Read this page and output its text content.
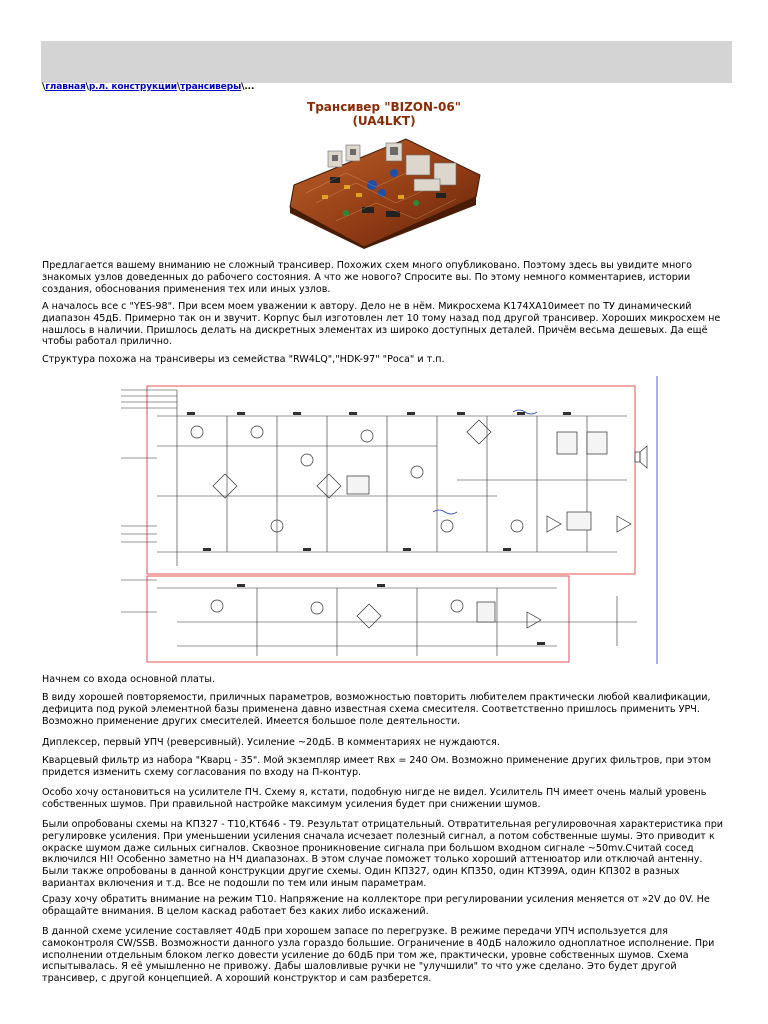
\главная\р.л. конструкции\трансиверы\...
Трансивер "BIZON-06"
(UA4LKT)

Предлагается вашему вниманию не сложный трансивер. Похожих схем много опубликовано. Поэтому здесь вы увидите много знакомых узлов доведенных до рабочего состояния. А что же нового? Спросите вы. По этому немного комментариев, истории создания, обоснования применения тех или иных узлов.

А началось все с "YES-98". При всем моем уважении к автору. Дело не в нём. Микросхема К174ХА10имеет по ТУ динамический диапазон 45дБ. Примерно так он и звучит. Корпус был изготовлен лет 10 тому назад под другой трансивер. Хороших микросхем не нашлось в наличии. Пришлось делать на дискретных элементах из широко доступных деталей. Причём весьма дешевых. Да ещё чтобы работал прилично.

Структура похожа на трансиверы из семейства "RW4LQ","HDK-97" "Роса" и т.п.

Начнем со входа основной платы.

В виду хорошей повторяемости, приличных параметров, возможностью повторить любителем практически любой квалификации, дефицита под рукой элементной базы применена давно известная схема смесителя. Соответственно пришлось применить УРЧ. Возможно применение других смесителей. Имеется большое поле деятельности.

Диплексер, первый УПЧ (реверсивный). Усиление ~20дБ. В комментариях не нуждаются.

Кварцевый фильтр из набора "Кварц - 35". Мой экземпляр имеет Rвх = 240 Ом. Возможно применение других фильтров, при этом придется изменить схему согласования по входу на П-контур.

Особо хочу остановиться на усилителе ПЧ. Схему я, кстати, подобную нигде не видел. Усилитель ПЧ имеет очень малый уровень собственных шумов. При правильной настройке максимум усиления будет при снижении шумов.

Были опробованы схемы на КП327 - Т10,КТ646 - Т9. Результат отрицательный. Отвратительная регулировочная характеристика при регулировке усиления. При уменьшении усиления сначала исчезает полезный сигнал, а потом собственные шумы. Это приводит к окраске шумом даже сильных сигналов. Сквозное проникновение сигнала при большом входном сигнале ~50mv.Считай сосед включился HI! Особенно заметно на НЧ диапазонах. В этом случае поможет только хороший аттенюатор или отключай антенну. Были также опробованы в данной конструкции другие схемы. Один КП327, один КП350, один КТ399А, один КП302 в разных вариантах включения и т.д. Все не подошли по тем или иным параметрам.

Сразу хочу обратить внимание на режим Т10. Напряжение на коллекторе при регулировании усиления меняется от »2V до 0V. Не обращайте внимания. В целом каскад работает без каких либо искажений.

В данной схеме усиление составляет 40дБ при хорошем запасе по перегрузке. В режиме передачи УПЧ используется для самоконтроля CW/SSB. Возможности данного узла гораздо большие. Ограничение в 40дБ наложило одноплатное исполнение. При исполнении отдельным блоком легко довести усиление до 60дБ при том же, практически, уровне собственных шумов. Схема испытывалась. Я её умышленно не привожу. Дабы шаловливые ручки не "улучшили" то что уже сделано. Это будет другой трансивер, с другой концепцией. А хороший конструктор и сам разберется.
